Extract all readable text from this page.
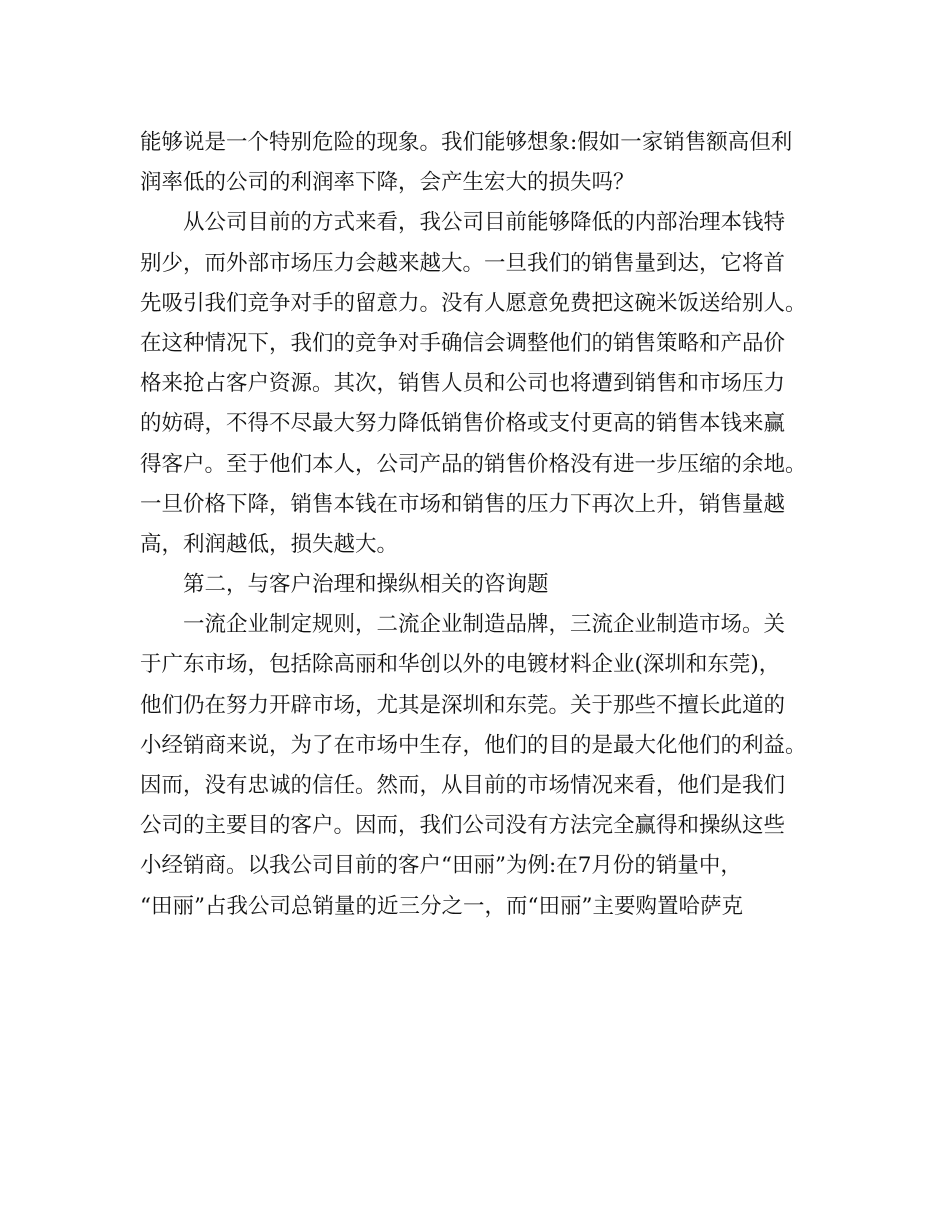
能够说是一个特别危险的现象。我们能够想象:假如一家销售额高但利
润率低的公司的利润率下降，会产生宏大的损失吗？
从公司目前的方式来看，我公司目前能够降低的内部治理本钱特
别少，而外部市场压力会越来越大。一旦我们的销售量到达，它将首
先吸引我们竞争对手的留意力。没有人愿意免费把这碗米饭送给别人。
在这种情况下，我们的竞争对手确信会调整他们的销售策略和产品价
格来抢占客户资源。其次，销售人员和公司也将遭到销售和市场压力
的妨碍，不得不尽最大努力降低销售价格或支付更高的销售本钱来赢
得客户。至于他们本人，公司产品的销售价格没有进一步压缩的余地。
一旦价格下降，销售本钱在市场和销售的压力下再次上升，销售量越
高，利润越低，损失越大。
第二，与客户治理和操纵相关的咨询题
一流企业制定规则，二流企业制造品牌，三流企业制造市场。关
于广东市场，包括除高丽和华创以外的电镀材料企业(深圳和东莞)，
他们仍在努力开辟市场，尤其是深圳和东莞。关于那些不擅长此道的
小经销商来说，为了在市场中生存，他们的目的是最大化他们的利益。
因而，没有忠诚的信任。然而，从目前的市场情况来看，他们是我们
公司的主要目的客户。因而，我们公司没有方法完全赢得和操纵这些
小经销商。以我公司目前的客户“田丽”为例:在7月份的销量中，
“田丽”占我公司总销量的近三分之一，而“田丽”主要购置哈萨克
